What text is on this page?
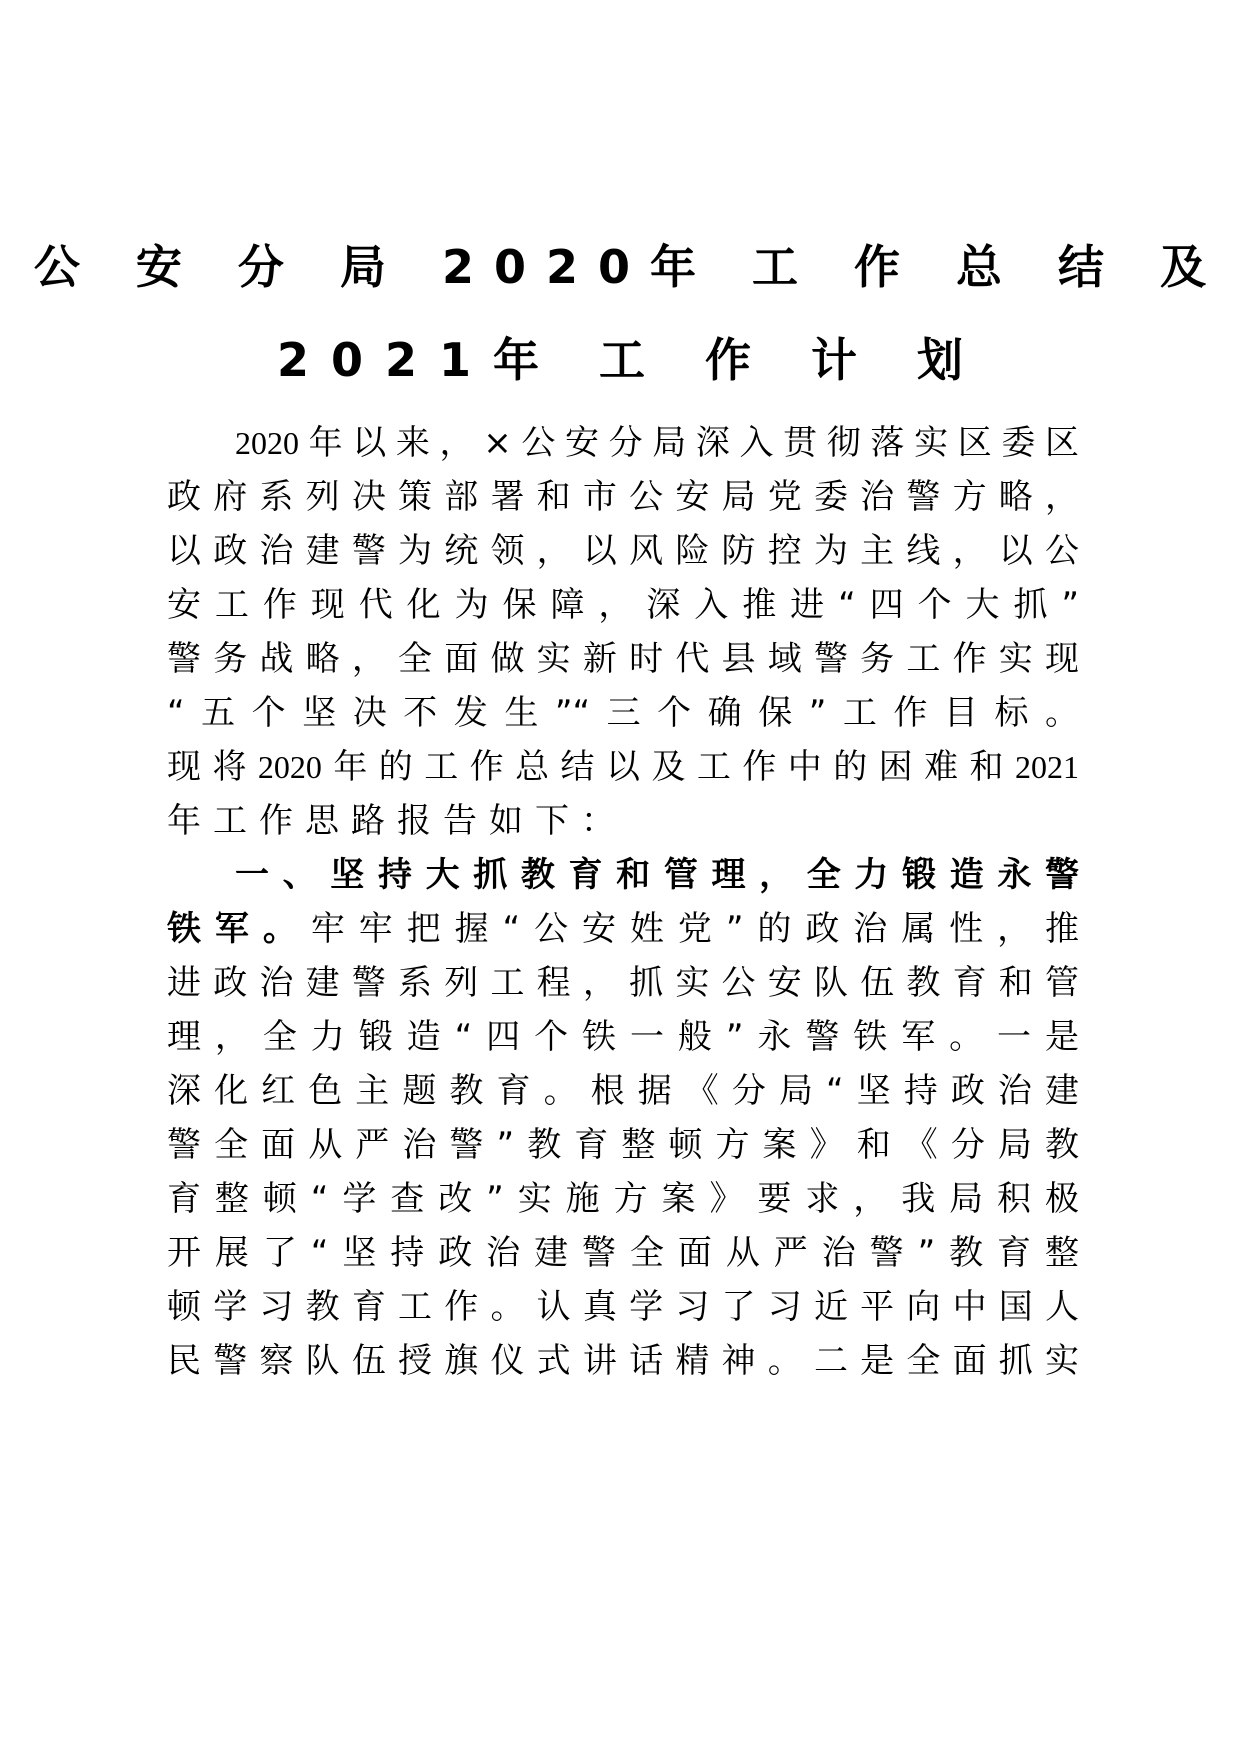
公 安 分 局 2020年 工 作 总 结 及
2021年 工 作 计 划
2020年以来，×公安分局深入贯彻落实区委区
政府系列决策部署和市公安局党委治警方略，
以政治建警为统领，以风险防控为主线，以公
安工作现代化为保障，深入推进“四个大抓”
警务战略，全面做实新时代县域警务工作实现
“五个坚决不发生”“三个确保”工作目标。
现将2020年的工作总结以及工作中的困难和2021
年工作思路报告如下：
一、坚持大抓教育和管理，全力锻造永警
铁军。牢牢把握“公安姓党”的政治属性，推
进政治建警系列工程，抓实公安队伍教育和管
理，全力锻造“四个铁一般”永警铁军。一是
深化红色主题教育。根据《分局“坚持政治建
警全面从严治警”教育整顿方案》和《分局教
育整顿“学查改”实施方案》要求，我局积极
开展了“坚持政治建警全面从严治警”教育整
顿学习教育工作。认真学习了习近平向中国人
民警察队伍授旗仪式讲话精神。二是全面抓实
